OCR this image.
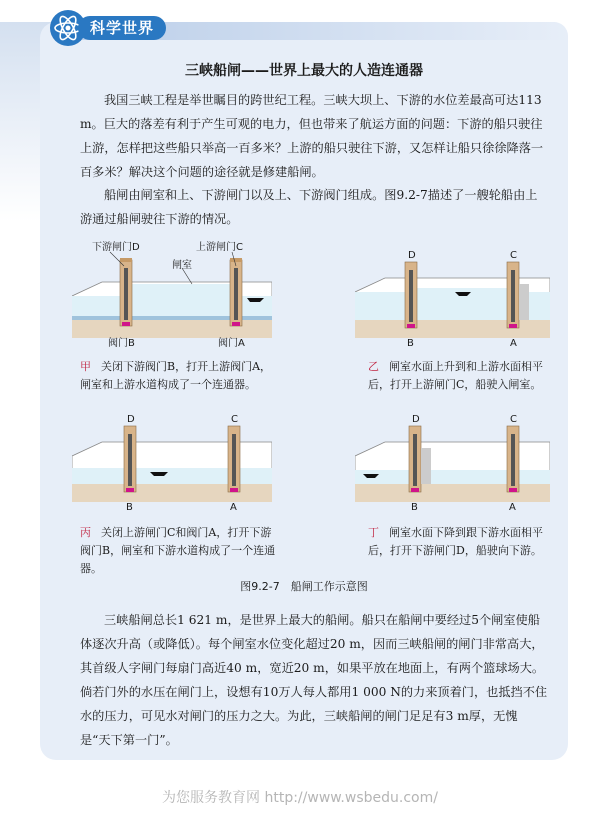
科学世界
三峡船闸——世界上最大的人造连通器
我国三峡工程是举世瞩目的跨世纪工程。三峡大坝上、下游的水位差最高可达113 m。巨大的落差有利于产生可观的电力，但也带来了航运方面的问题：下游的船只驶往上游，怎样把这些船只举高一百多米？上游的船只驶往下游，又怎样让船只徐徐降落一百多米？解决这个问题的途径就是修建船闸。
船闸由闸室和上、下游闸门以及上、下游阀门组成。图9.2-7描述了一艘轮船由上游通过船闸驶往下游的情况。
下游闸门D	上游闸门C
闸室
阀门B	阀门A
D	C
B	A
甲 关闭下游阀门B，打开上游阀门A，闸室和上游水道构成了一个连通器。
乙 闸室水面上升到和上游水面相平后，打开上游闸门C，船驶入闸室。
D	C
B	A
D	C
B	A
丙 关闭上游闸门C和阀门A，打开下游阀门B，闸室和下游水道构成了一个连通器。
丁 闸室水面下降到跟下游水面相平后，打开下游闸门D，船驶向下游。
图9.2-7　船闸工作示意图
三峡船闸总长1 621 m，是世界上最大的船闸。船只在船闸中要经过5个闸室使船体逐次升高（或降低）。每个闸室水位变化超过20 m，因而三峡船闸的闸门非常高大，其首级人字闸门每扇门高近40 m，宽近20 m，如果平放在地面上，有两个篮球场大。倘若门外的水压在闸门上，设想有10万人每人都用1 000 N的力来顶着门，也抵挡不住水的压力，可见水对闸门的压力之大。为此，三峡船闸的闸门足足有3 m厚，无愧是“天下第一门”。
为您服务教育网 http://www.wsbedu.com/
